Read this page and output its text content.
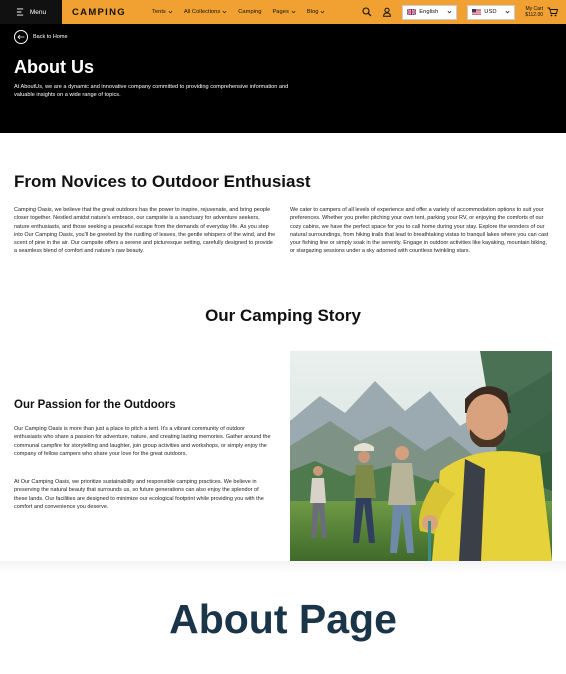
Menu	CAMPING	Tents	All Collections	Camping Pages	Blog	English	USD	My Cart
$112.00
Back to Home
About Us

At AboutUs, we are a dynamic and innovative company committed to providing comprehensive information and valuable insights on a wide range of topics.

From Novices to Outdoor Enthusiast

Camping Oasis, we believe that the great outdoors has the power to inspire, rejuvenate, and bring people closer together. Nestled amidst nature's embrace, our campsite is a sanctuary for adventure seekers, nature enthusiasts, and those seeking a peaceful escape from the demands of everyday life. As you step into Our Camping Oasis, you'll be greeted by the rustling of leaves, the gentle whispers of the wind, and the scent of pine in the air. Our campsite offers a serene and picturesque setting, carefully designed to provide a seamless blend of comfort and nature's raw beauty.

We cater to campers of all levels of experience and offer a variety of accommodation options to suit your preferences. Whether you prefer pitching your own tent, parking your RV, or enjoying the comforts of our cozy cabins, we have the perfect space for you to call home during your stay. Explore the wonders of our natural surroundings, from hiking trails that lead to breathtaking vistas to tranquil lakes where you can cast your fishing line or simply soak in the serenity. Engage in outdoor activities like kayaking, mountain biking, or stargazing sessions under a sky adorned with countless twinkling stars.

Our Camping Story
Our Passion for the Outdoors

Our Camping Oasis is more than just a place to pitch a tent. It's a vibrant community of outdoor enthusiasts who share a passion for adventure, nature, and creating lasting memories. Gather around the communal campfire for storytelling and laughter, join group activities and workshops, or simply enjoy the company of fellow campers who share your love for the great outdoors.

At Our Camping Oasis, we prioritize sustainability and responsible camping practices. We believe in preserving the natural beauty that surrounds us, so future generations can also enjoy the splendor of these lands. Our facilities are designed to minimize our ecological footprint while providing you with the comfort and convenience you deserve.

About Page
